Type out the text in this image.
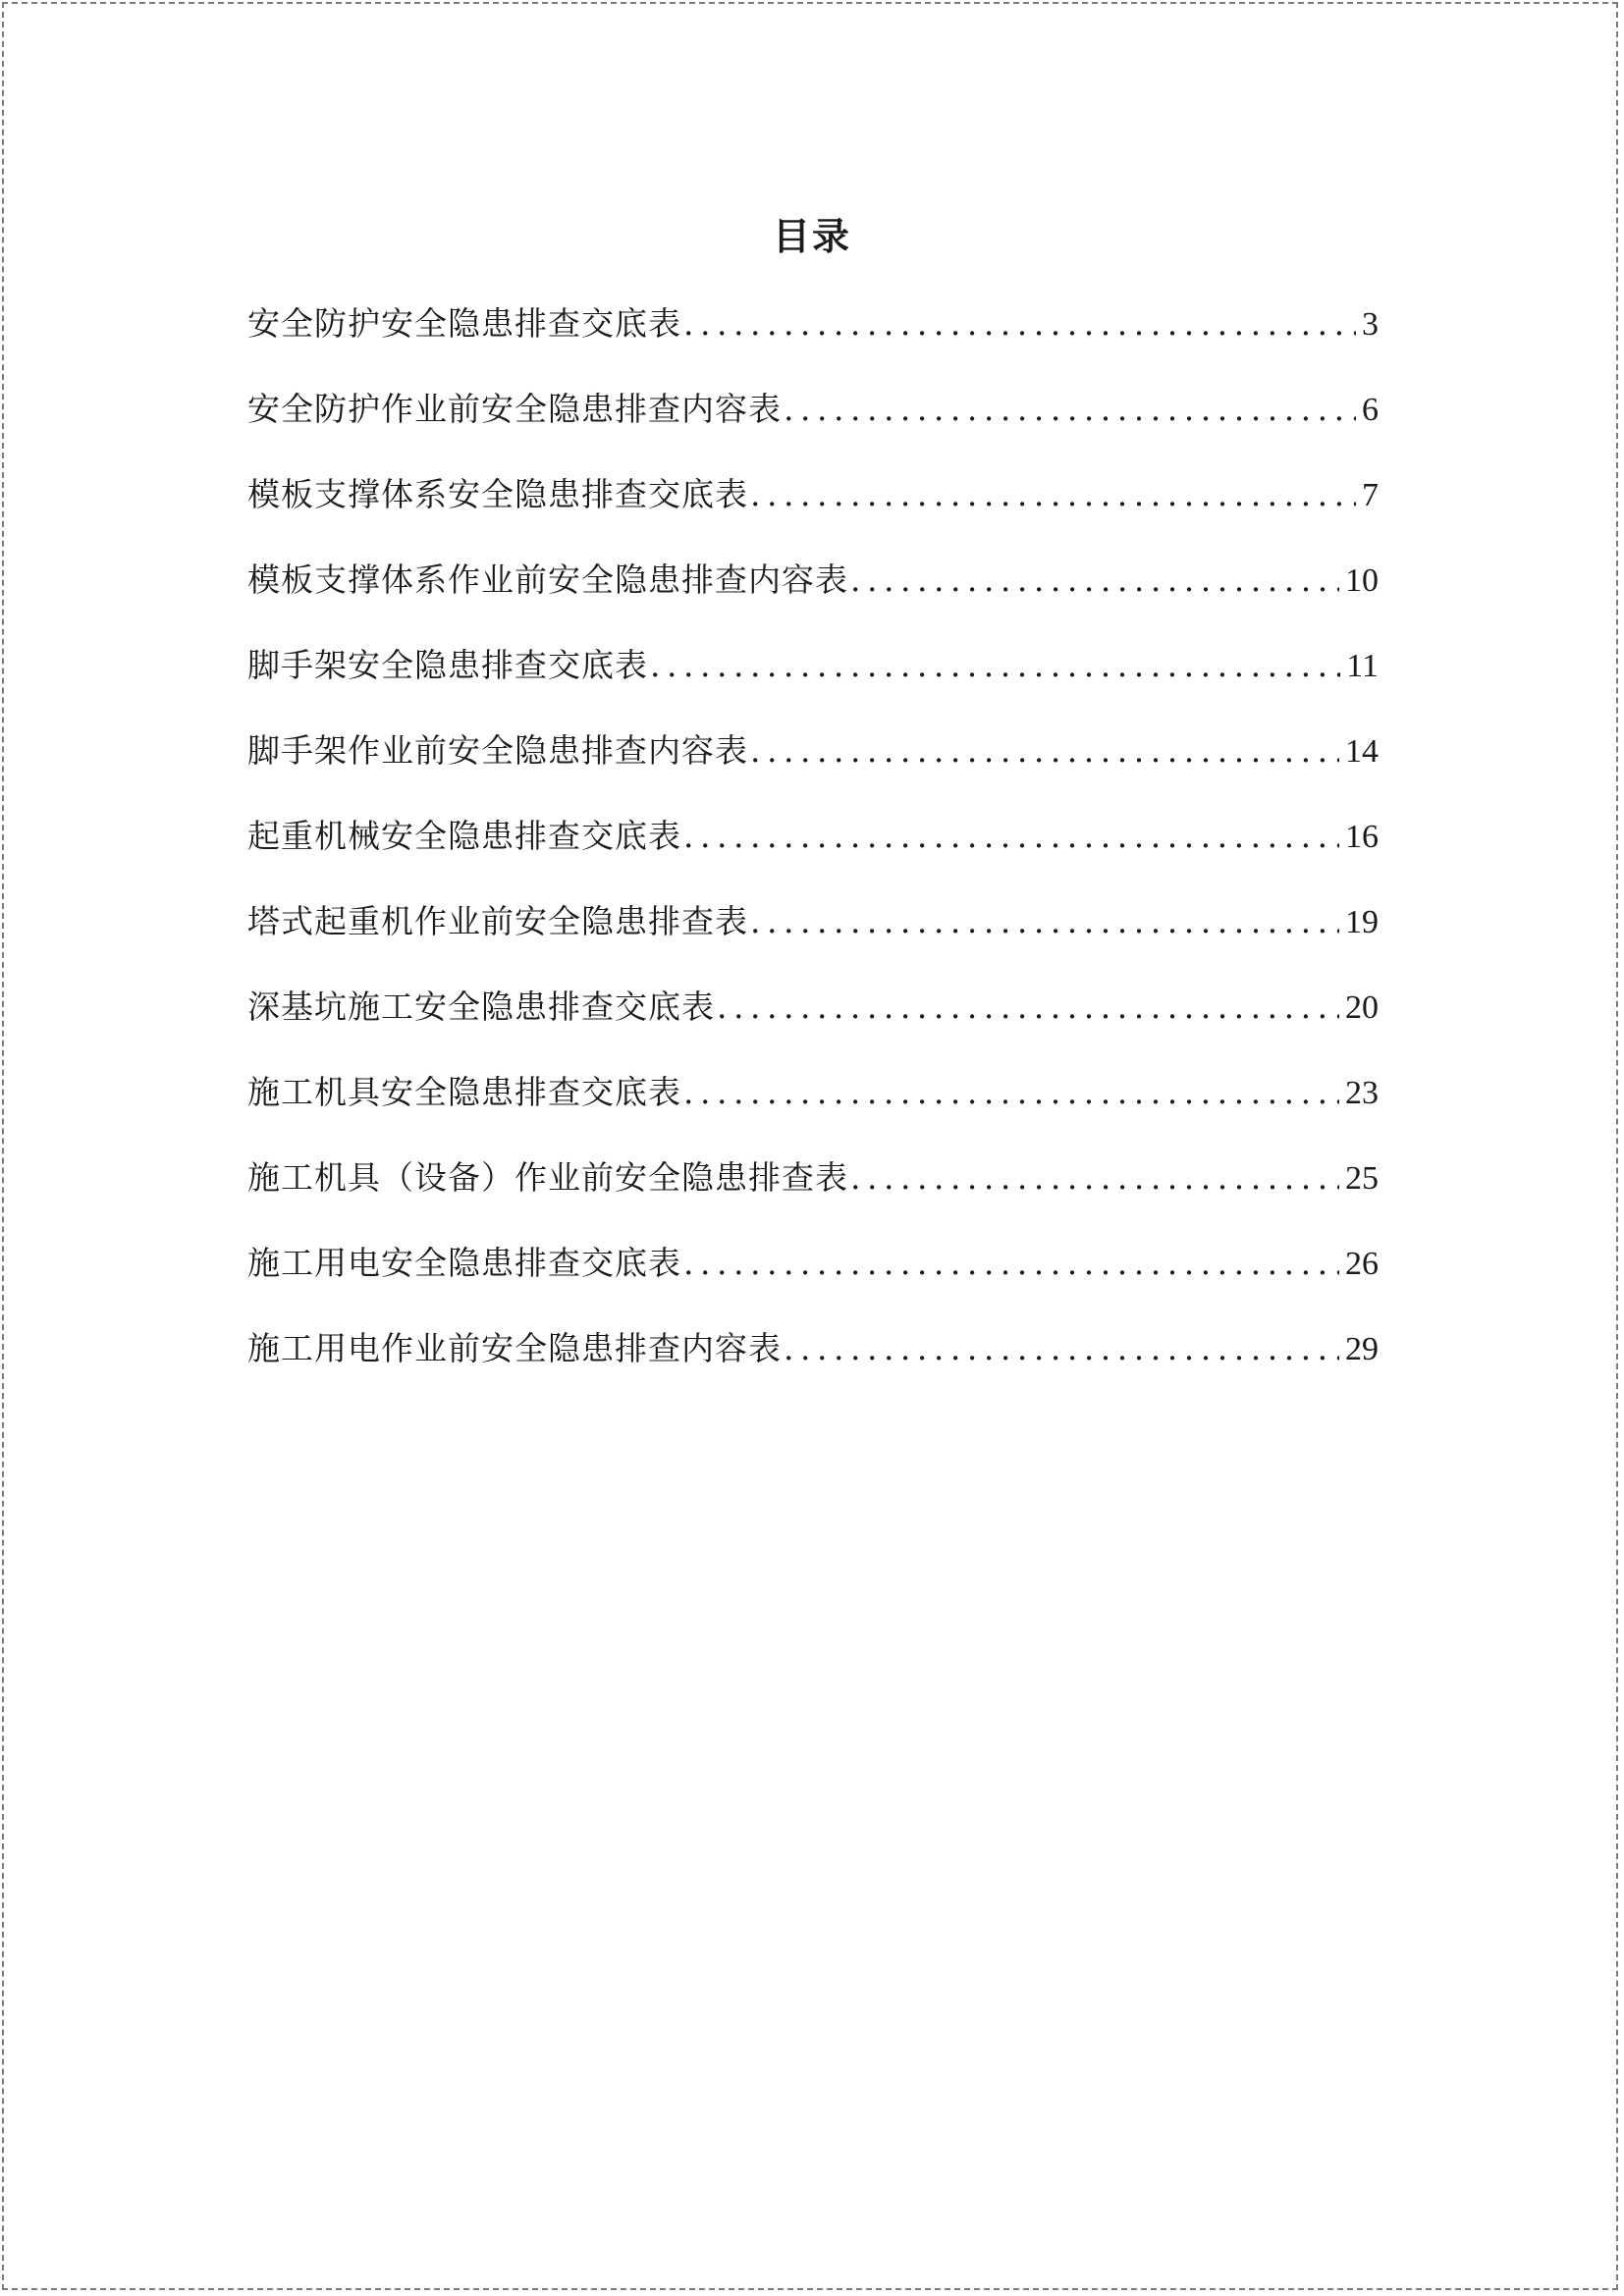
目录
安全防护安全隐患排查交底表 .....	3
安全防护作业前安全隐患排查内容表 .....	6
模板支撑体系安全隐患排查交底表 .....	7
模板支撑体系作业前安全隐患排查内容表 .....	10
脚手架安全隐患排查交底表 .....	11
脚手架作业前安全隐患排查内容表 .....	14
起重机械安全隐患排查交底表 .....	16
塔式起重机作业前安全隐患排查表 .....	19
深基坑施工安全隐患排查交底表 .....	20
施工机具安全隐患排查交底表 .....	23
施工机具（设备）作业前安全隐患排查表 .....	25
施工用电安全隐患排查交底表 .....	26
施工用电作业前安全隐患排查内容表 .....	29
